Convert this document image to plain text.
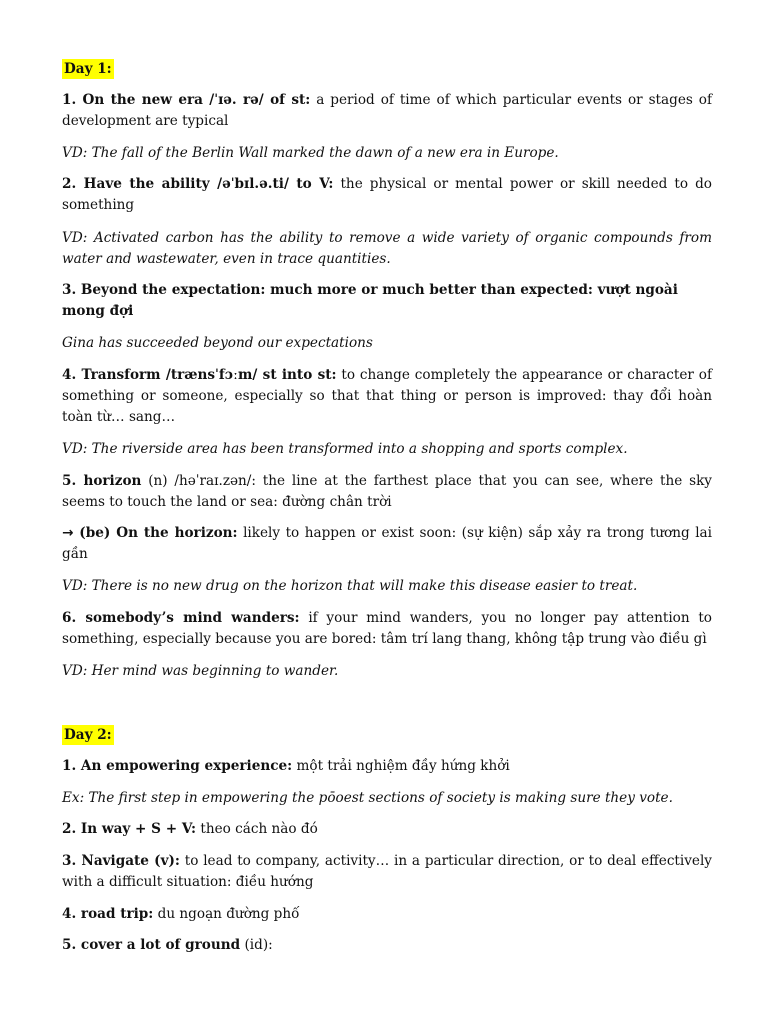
Day 1:

1. On the new era /ˈɪə. rə/ of st: a period of time of which particular events or stages of development are typical

VD: The fall of the Berlin Wall marked the dawn of a new era in Europe.

2. Have the ability /əˈbɪl.ə.ti/ to V: the physical or mental power or skill needed to do something

VD: Activated carbon has the ability to remove a wide variety of organic compounds from water and wastewater, even in trace quantities.

3. Beyond the expectation: much more or much better than expected: vượt ngoài mong đợi

Gina has succeeded beyond our expectations

4. Transform /trænsˈfɔːm/ st into st: to change completely the appearance or character of something or someone, especially so that that thing or person is improved: thay đổi hoàn toàn từ… sang…

VD: The riverside area has been transformed into a shopping and sports complex.

5. horizon (n) /həˈraɪ.zən/: the line at the farthest place that you can see, where the sky seems to touch the land or sea: đường chân trời

→ (be) On the horizon: likely to happen or exist soon: (sự kiện) sắp xảy ra trong tương lai gần

VD: There is no new drug on the horizon that will make this disease easier to treat.

6. somebody’s mind wanders: if your mind wanders, you no longer pay attention to something, especially because you are bored: tâm trí lang thang, không tập trung vào điều gì

VD: Her mind was beginning to wander.

Day 2:

1. An empowering experience: một trải nghiệm đầy hứng khởi

Ex: The first step in empowering the pōoest sections of society is making sure they vote.

2. In way + S + V: theo cách nào đó

3. Navigate (v): to lead to company, activity… in a particular direction, or to deal effectively with a difficult situation: điều hướng

4. road trip: du ngoạn đường phố

5. cover a lot of ground (id):
